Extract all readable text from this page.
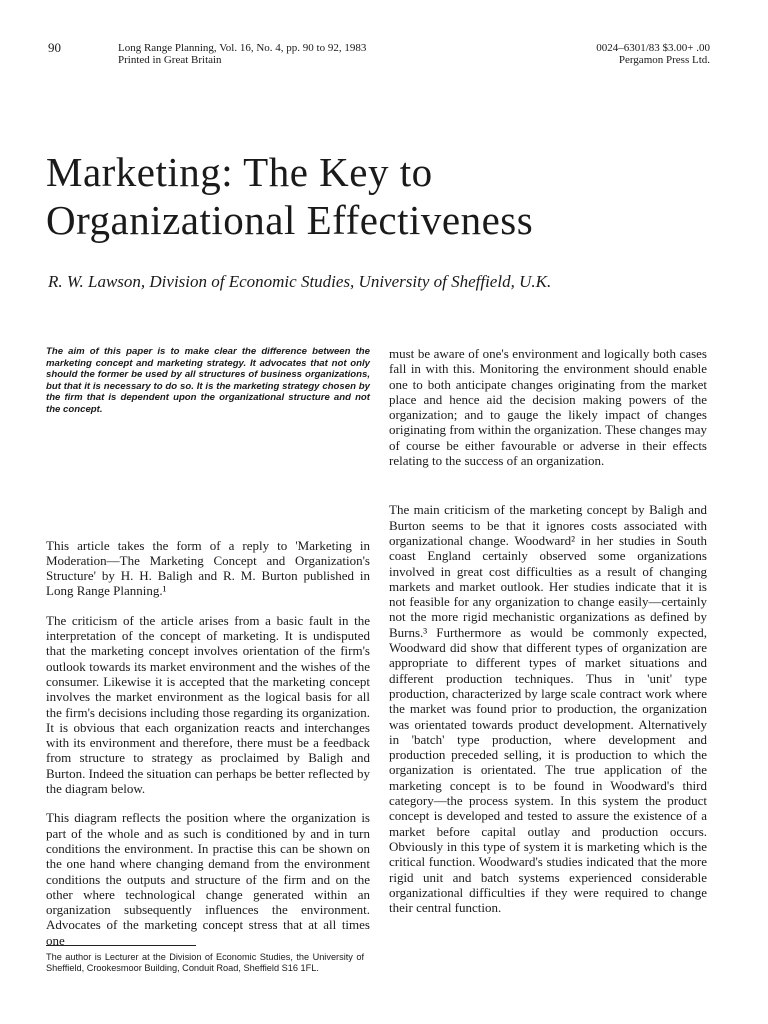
90	Long Range Planning, Vol. 16, No. 4, pp. 90 to 92, 1983
Printed in Great Britain
0024–6301/83 $3.00+ .00
Pergamon Press Ltd.
Marketing: The Key to
Organizational Effectiveness
R. W. Lawson, Division of Economic Studies, University of Sheffield, U.K.

The aim of this paper is to make clear the difference between the marketing concept and marketing strategy. It advocates that not only should the former be used by all structures of business organizations, but that it is necessary to do so. It is the marketing strategy chosen by the firm that is dependent upon the organizational structure and not the concept.

This article takes the form of a reply to 'Marketing in Moderation—The Marketing Concept and Organization's Structure' by H. H. Baligh and R. M. Burton published in Long Range Planning.¹

The criticism of the article arises from a basic fault in the interpretation of the concept of marketing. It is undisputed that the marketing concept involves orientation of the firm's outlook towards its market environment and the wishes of the consumer. Likewise it is accepted that the marketing concept involves the market environment as the logical basis for all the firm's decisions including those regarding its organization. It is obvious that each organization reacts and interchanges with its environment and therefore, there must be a feedback from structure to strategy as proclaimed by Baligh and Burton. Indeed the situation can perhaps be better reflected by the diagram below.

This diagram reflects the position where the organization is part of the whole and as such is conditioned by and in turn conditions the environment. In practise this can be shown on the one hand where changing demand from the environment conditions the outputs and structure of the firm and on the other where technological change generated within an organization subsequently influences the environment. Advocates of the marketing concept stress that at all times one

must be aware of one's environment and logically both cases fall in with this. Monitoring the environment should enable one to both anticipate changes originating from the market place and hence aid the decision making powers of the organization; and to gauge the likely impact of changes originating from within the organization. These changes may of course be either favourable or adverse in their effects relating to the success of an organization.

The main criticism of the marketing concept by Baligh and Burton seems to be that it ignores costs associated with organizational change. Woodward² in her studies in South coast England certainly observed some organizations involved in great cost difficulties as a result of changing markets and market outlook. Her studies indicate that it is not feasible for any organization to change easily—certainly not the more rigid mechanistic organizations as defined by Burns.³ Furthermore as would be commonly expected, Woodward did show that different types of organization are appropriate to different types of market situations and different production techniques. Thus in 'unit' type production, characterized by large scale contract work where the market was found prior to production, the organization was orientated towards product development. Alternatively in 'batch' type production, where development and production preceded selling, it is production to which the organization is orientated. The true application of the marketing concept is to be found in Woodward's third category—the process system. In this system the product concept is developed and tested to assure the existence of a market before capital outlay and production occurs. Obviously in this type of system it is marketing which is the critical function. Woodward's studies indicated that the more rigid unit and batch systems experienced considerable organizational difficulties if they were required to change their central function.

The author is Lecturer at the Division of Economic Studies, the University of Sheffield, Crookesmoor Building, Conduit Road, Sheffield S16 1FL.
